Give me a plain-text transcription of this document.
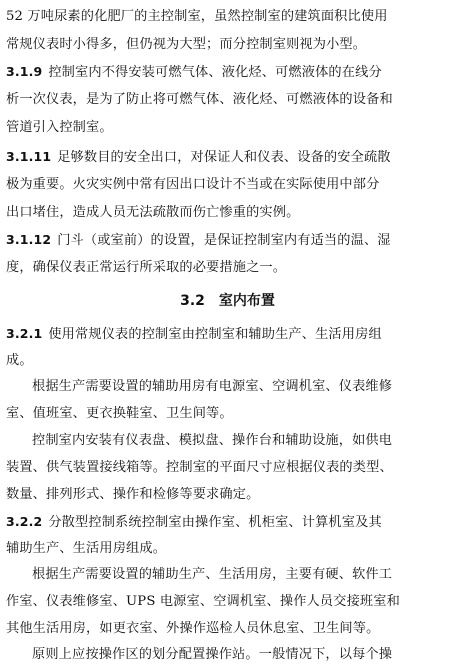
52 万吨尿素的化肥厂的主控制室，虽然控制室的建筑面积比使用
常规仪表时小得多，但仍视为大型；而分控制室则视为小型。
3.1.9 控制室内不得安装可燃气体、液化烃、可燃液体的在线分
析一次仪表，是为了防止将可燃气体、液化烃、可燃液体的设备和
管道引入控制室。
3.1.11 足够数目的安全出口，对保证人和仪表、设备的安全疏散
极为重要。火灾实例中常有因出口设计不当或在实际使用中部分
出口堵住，造成人员无法疏散而伤亡惨重的实例。
3.1.12 门斗（或室前）的设置，是保证控制室内有适当的温、湿
度，确保仪表正常运行所采取的必要措施之一。
3.2 室内布置
3.2.1 使用常规仪表的控制室由控制室和辅助生产、生活用房组
成。
根据生产需要设置的辅助用房有电源室、空调机室、仪表维修
室、值班室、更衣换鞋室、卫生间等。
控制室内安装有仪表盘、模拟盘、操作台和辅助设施，如供电
装置、供气装置接线箱等。控制室的平面尺寸应根据仪表的类型、
数量、排列形式、操作和检修等要求确定。
3.2.2 分散型控制系统控制室由操作室、机柜室、计算机室及其
辅助生产、生活用房组成。
根据生产需要设置的辅助生产、生活用房，主要有硬、软件工
作室、仪表维修室、UPS 电源室、空调机室、操作人员交接班室和
其他生活用房，如更衣室、外操作巡检人员休息室、卫生间等。
原则上应按操作区的划分配置操作站。一般情况下，以每个操
